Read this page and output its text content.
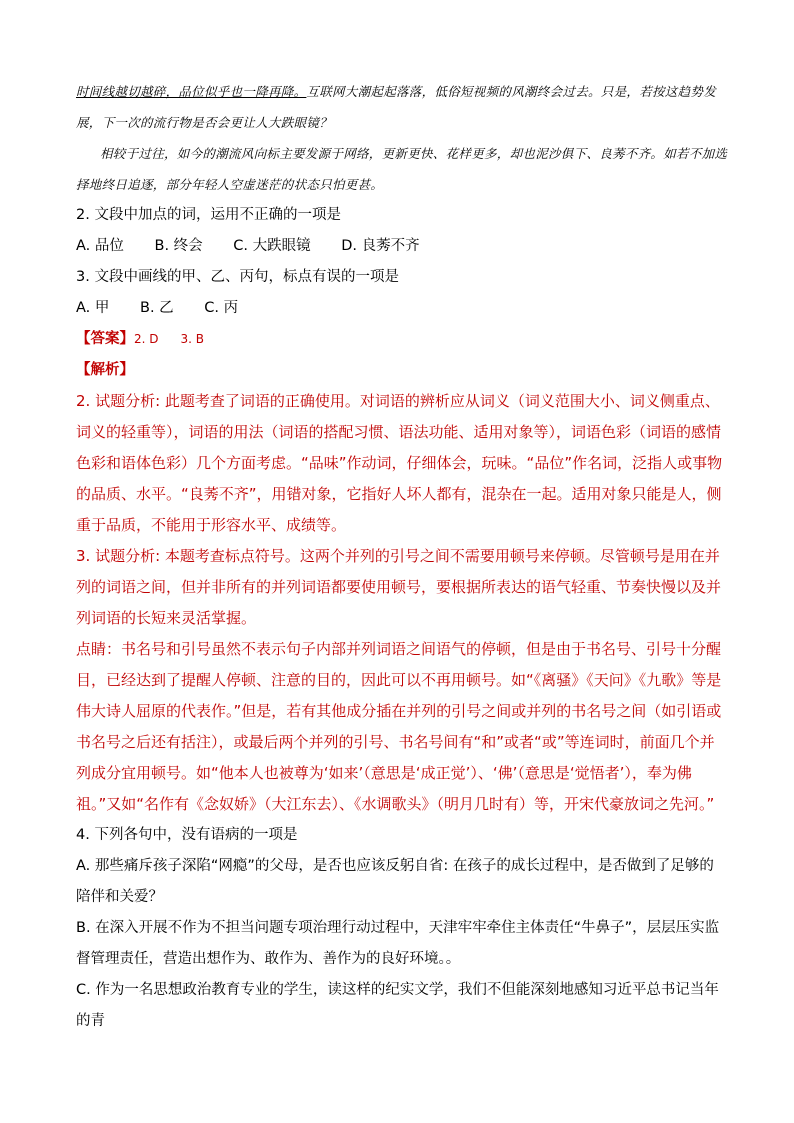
时间线越切越碎，品位似乎也一降再降。互联网大潮起起落落，低俗短视频的风潮终会过去。只是，若按这趋势发展，下一次的流行物是否会更让人大跌眼镜？

相较于过往，如今的潮流风向标主要发源于网络，更新更快、花样更多，却也泥沙俱下、良莠不齐。如若不加选择地终日追逐，部分年轻人空虚迷茫的状态只怕更甚。

2. 文段中加点的词，运用不正确的一项是

A. 品位 B. 终会 C. 大跌眼镜 D. 良莠不齐

3. 文段中画线的甲、乙、丙句，标点有误的一项是

A. 甲 B. 乙 C. 丙

【答案】2. D 3. B

【解析】

2. 试题分析: 此题考查了词语的正确使用。对词语的辨析应从词义（词义范围大小、词义侧重点、词义的轻重等），词语的用法（词语的搭配习惯、语法功能、适用对象等），词语色彩（词语的感情色彩和语体色彩）几个方面考虑。“品味”作动词，仔细体会，玩味。“品位”作名词，泛指人或事物的品质、水平。“良莠不齐”，用错对象，它指好人坏人都有，混杂在一起。适用对象只能是人，侧重于品质，不能用于形容水平、成绩等。

3. 试题分析: 本题考查标点符号。这两个并列的引号之间不需要用顿号来停顿。尽管顿号是用在并列的词语之间，但并非所有的并列词语都要使用顿号，要根据所表达的语气轻重、节奏快慢以及并列词语的长短来灵活掌握。

点睛：书名号和引号虽然不表示句子内部并列词语之间语气的停顿，但是由于书名号、引号十分醒目，已经达到了提醒人停顿、注意的目的，因此可以不再用顿号。如“《离骚》《天问》《九歌》等是伟大诗人屈原的代表作。”但是，若有其他成分插在并列的引号之间或并列的书名号之间（如引语或书名号之后还有括注），或最后两个并列的引号、书名号间有“和”或者“或”等连词时，前面几个并列成分宜用顿号。如“他本人也被尊为‘如来’（意思是‘成正觉’）、‘佛’（意思是‘觉悟者’），奉为佛祖。”又如“名作有《念奴娇》（大江东去）、《水调歌头》（明月几时有）等，开宋代豪放词之先河。”

4. 下列各句中，没有语病的一项是

A. 那些痛斥孩子深陷“网瘾”的父母，是否也应该反躬自省: 在孩子的成长过程中，是否做到了足够的陪伴和关爱？

B. 在深入开展不作为不担当问题专项治理行动过程中，天津牢牢牵住主体责任“牛鼻子”，层层压实监督管理责任，营造出想作为、敢作为、善作为的良好环境。。

C. 作为一名思想政治教育专业的学生，读这样的纪实文学，我们不但能深刻地感知习近平总书记当年的青
